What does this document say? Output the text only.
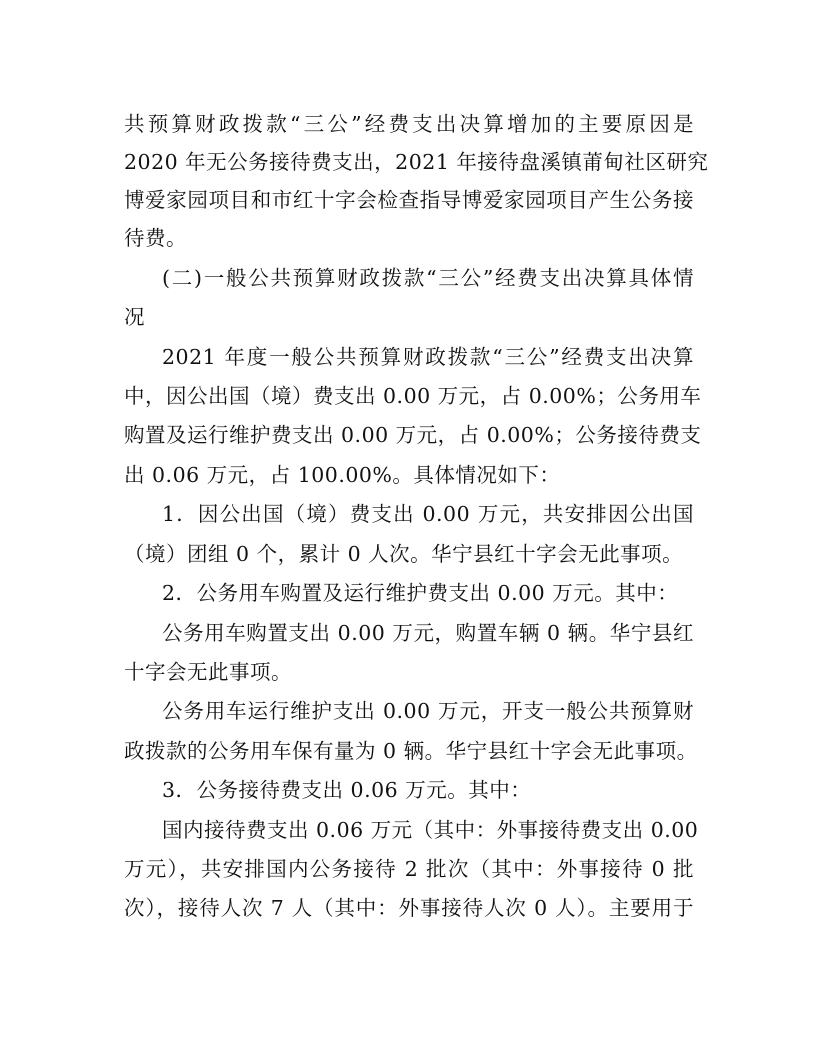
共预算财政拨款“三公”经费支出决算增加的主要原因是
2020 年无公务接待费支出，2021 年接待盘溪镇莆甸社区研究
博爱家园项目和市红十字会检查指导博爱家园项目产生公务接
待费。
(二)一般公共预算财政拨款“三公”经费支出决算具体情
况
2021 年度一般公共预算财政拨款“三公”经费支出决算
中，因公出国（境）费支出 0.00 万元，占 0.00%；公务用车
购置及运行维护费支出 0.00 万元，占 0.00%；公务接待费支
出 0.06 万元，占 100.00%。具体情况如下：
1．因公出国（境）费支出 0.00 万元，共安排因公出国
（境）团组 0 个，累计 0 人次。华宁县红十字会无此事项。
2．公务用车购置及运行维护费支出 0.00 万元。其中：
公务用车购置支出 0.00 万元，购置车辆 0 辆。华宁县红
十字会无此事项。
公务用车运行维护支出 0.00 万元，开支一般公共预算财
政拨款的公务用车保有量为 0 辆。华宁县红十字会无此事项。
3．公务接待费支出 0.06 万元。其中：
国内接待费支出 0.06 万元（其中：外事接待费支出 0.00
万元），共安排国内公务接待 2 批次（其中：外事接待 0 批
次），接待人次 7 人（其中：外事接待人次 0 人）。主要用于
